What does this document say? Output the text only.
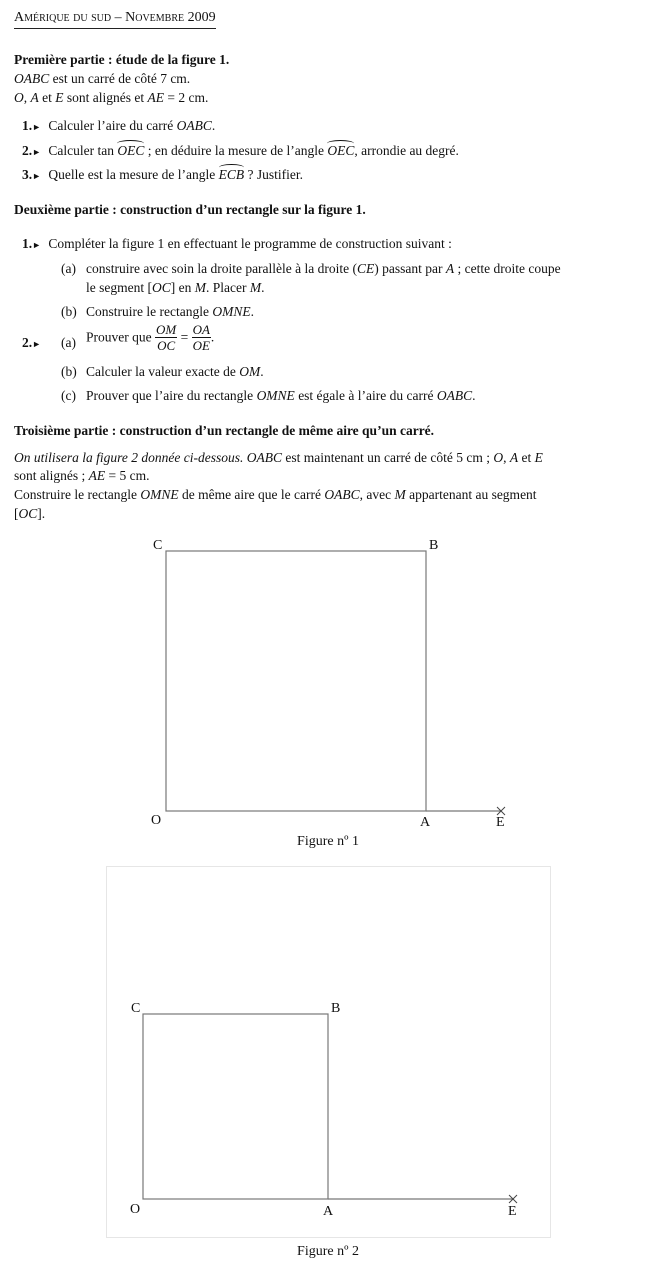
Amérique du sud – Novembre 2009
Première partie : étude de la figure 1.
OABC est un carré de côté 7 cm.
O, A et E sont alignés et AE = 2 cm.
1.► Calculer l’aire du carré OABC.
2.► Calculer tan OEC ; en déduire la mesure de l’angle OEC, arrondie au degré.
3.► Quelle est la mesure de l’angle ECB ? Justifier.
Deuxième partie : construction d’un rectangle sur la figure 1.
1.► Compléter la figure 1 en effectuant le programme de construction suivant :
(a) construire avec soin la droite parallèle à la droite (CE) passant par A ; cette droite coupe
le segment [OC] en M. Placer M.
(b) Construire le rectangle OMNE.
2.► (a) Prouver que $\frac{OM}{OC} = \frac{OA}{OE}$ .
(b) Calculer la valeur exacte de OM.
(c) Prouver que l’aire du rectangle OMNE est égale à l’aire du carré OABC.
Troisième partie : construction d’un rectangle de même aire qu’un carré.
On utilisera la figure 2 donnée ci-dessous. OABC est maintenant un carré de côté 5 cm ; O, A et E
sont alignés ; AE = 5 cm.
Construire le rectangle OMNE de même aire que le carré OABC, avec M appartenant au segment
[OC].
C	B
O	A	E
Figure nº 1
C	B
O	A	E
Figure nº 2
